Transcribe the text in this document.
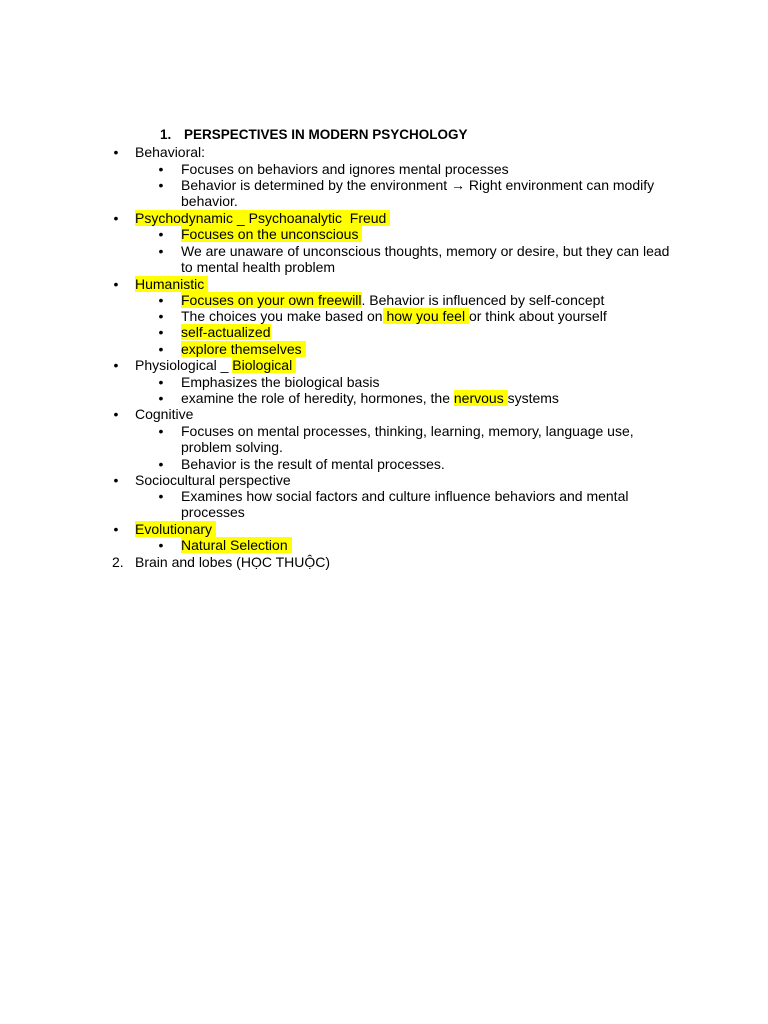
1. PERSPECTIVES IN MODERN PSYCHOLOGY
• Behavioral:
• Focuses on behaviors and ignores mental processes
• Behavior is determined by the environment → Right environment can modify
behavior.
• Psychodynamic _ Psychoanalytic  Freud
• Focuses on the unconscious
• We are unaware of unconscious thoughts, memory or desire, but they can lead
to mental health problem
• Humanistic
• Focuses on your own freewill. Behavior is influenced by self-concept
• The choices you make based on how you feel or think about yourself
• self-actualized
• explore themselves
• Physiological _ Biological
• Emphasizes the biological basis
• examine the role of heredity, hormones, the nervous systems
• Cognitive
• Focuses on mental processes, thinking, learning, memory, language use,
problem solving.
• Behavior is the result of mental processes.
• Sociocultural perspective
• Examines how social factors and culture influence behaviors and mental
processes
• Evolutionary
• Natural Selection
2. Brain and lobes (HỌC THUỘC)
